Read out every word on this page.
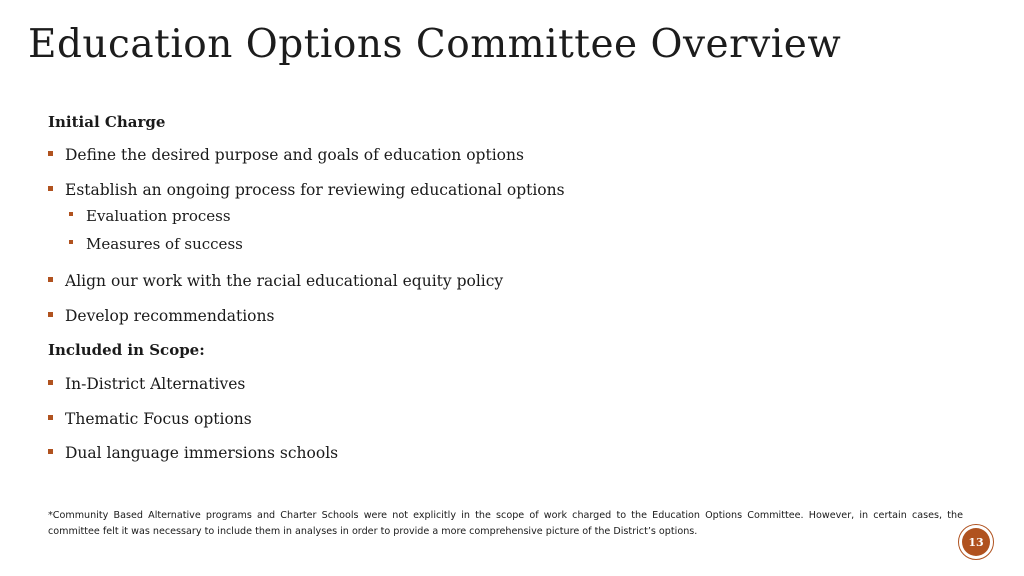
Education Options Committee Overview
Initial Charge
Define the desired purpose and goals of education options
Establish an ongoing process for reviewing educational options
Evaluation process
Measures of success
Align our work with the racial educational equity policy
Develop recommendations
Included in Scope:
In-District Alternatives
Thematic Focus options
Dual language immersions schools
*Community Based Alternative programs and Charter Schools were not explicitly in the scope of work charged to the Education Options Committee. However, in certain cases, the committee felt it was necessary to include them in analyses in order to provide a more comprehensive picture of the District’s options.
13
